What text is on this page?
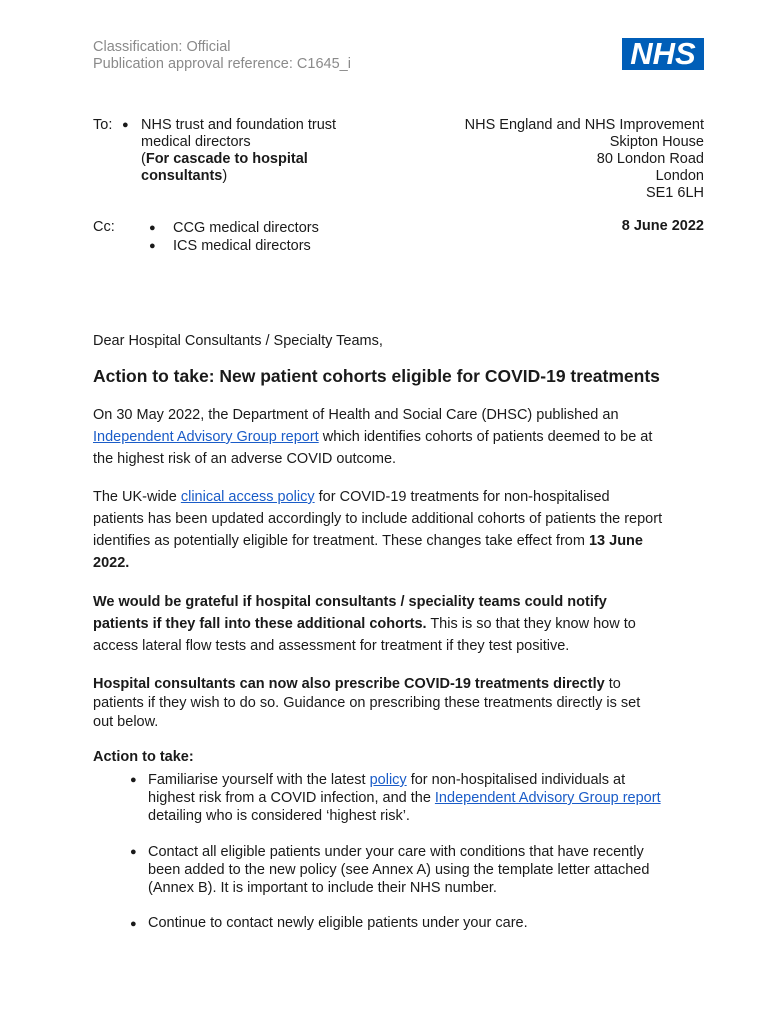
Classification: Official
Publication approval reference: C1645_i	NHS
To: ● NHS trust and foundation trust
medical directors
(For cascade to hospital
consultants)
NHS England and NHS Improvement
Skipton House
80 London Road
London
SE1 6LH
Cc:	● CCG medical directors
● ICS medical directors
8 June 2022
Dear Hospital Consultants / Specialty Teams,
Action to take: New patient cohorts eligible for COVID-19 treatments
On 30 May 2022, the Department of Health and Social Care (DHSC) published an
Independent Advisory Group report which identifies cohorts of patients deemed to be at
the highest risk of an adverse COVID outcome.
The UK-wide clinical access policy for COVID-19 treatments for non-hospitalised
patients has been updated accordingly to include additional cohorts of patients the report
identifies as potentially eligible for treatment. These changes take effect from 13 June
2022.
We would be grateful if hospital consultants / speciality teams could notify
patients if they fall into these additional cohorts. This is so that they know how to
access lateral flow tests and assessment for treatment if they test positive.
Hospital consultants can now also prescribe COVID-19 treatments directly to
patients if they wish to do so. Guidance on prescribing these treatments directly is set
out below.
Action to take:
● Familiarise yourself with the latest policy for non-hospitalised individuals at
highest risk from a COVID infection, and the Independent Advisory Group report
detailing who is considered ‘highest risk’.
● Contact all eligible patients under your care with conditions that have recently
been added to the new policy (see Annex A) using the template letter attached
(Annex B). It is important to include their NHS number.
● Continue to contact newly eligible patients under your care.
